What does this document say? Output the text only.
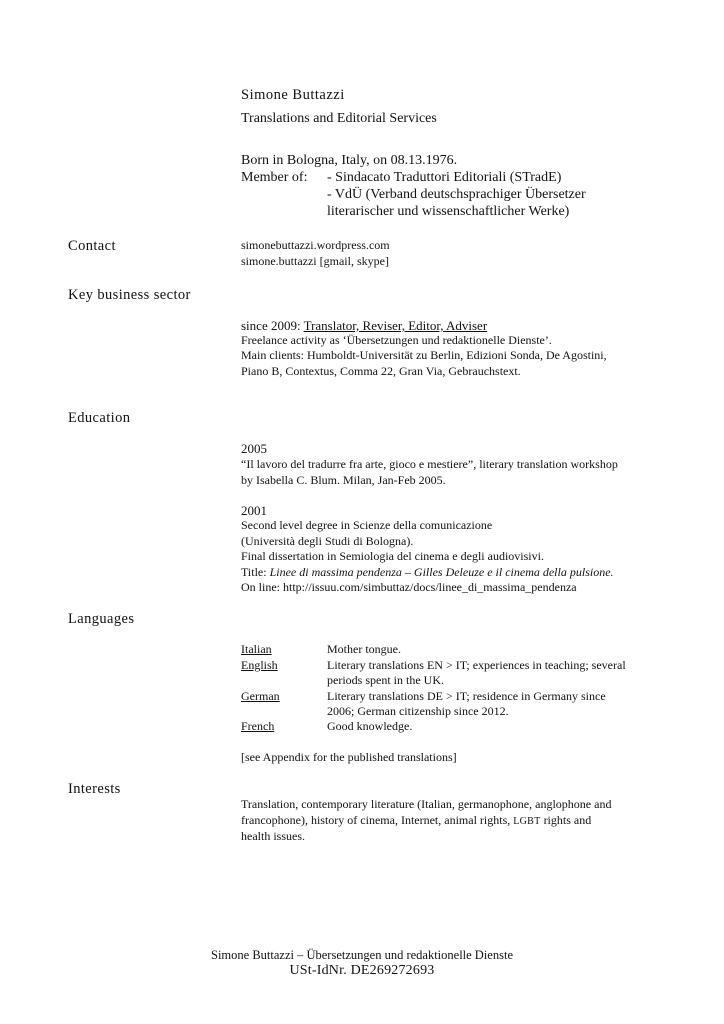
Simone Buttazzi
Translations and Editorial Services
Born in Bologna, Italy, on 08.13.1976.
Member of: - Sindacato Traduttori Editoriali (STradE)
- VdÜ (Verband deutschsprachiger Übersetzer
literarischer und wissenschaftlicher Werke)
Contact	simonebuttazzi.wordpress.com
simone.buttazzi [gmail, skype]
Key business sector
since 2009: Translator, Reviser, Editor, Adviser
Freelance activity as ‘Übersetzungen und redaktionelle Dienste’.
Main clients: Humboldt-Universität zu Berlin, Edizioni Sonda, De Agostini,
Piano B, Contextus, Comma 22, Gran Via, Gebrauchstext.
Education
2005
“Il lavoro del tradurre fra arte, gioco e mestiere”, literary translation workshop
by Isabella C. Blum. Milan, Jan-Feb 2005.
2001
Second level degree in Scienze della comunicazione
(Università degli Studi di Bologna).
Final dissertation in Semiologia del cinema e degli audiovisivi.
Title: Linee di massima pendenza – Gilles Deleuze e il cinema della pulsione.
On line: http://issuu.com/simbuttaz/docs/linee_di_massima_pendenza
Languages
Italian	Mother tongue.
English	Literary translations EN > IT; experiences in teaching; several
periods spent in the UK.
German	Literary translations DE > IT; residence in Germany since
2006; German citizenship since 2012.
French	Good knowledge.
[see Appendix for the published translations]
Interests
Translation, contemporary literature (Italian, germanophone, anglophone and
francophone), history of cinema, Internet, animal rights, LGBT rights and
health issues.
Simone Buttazzi – Übersetzungen und redaktionelle Dienste
USt-IdNr. DE269272693
